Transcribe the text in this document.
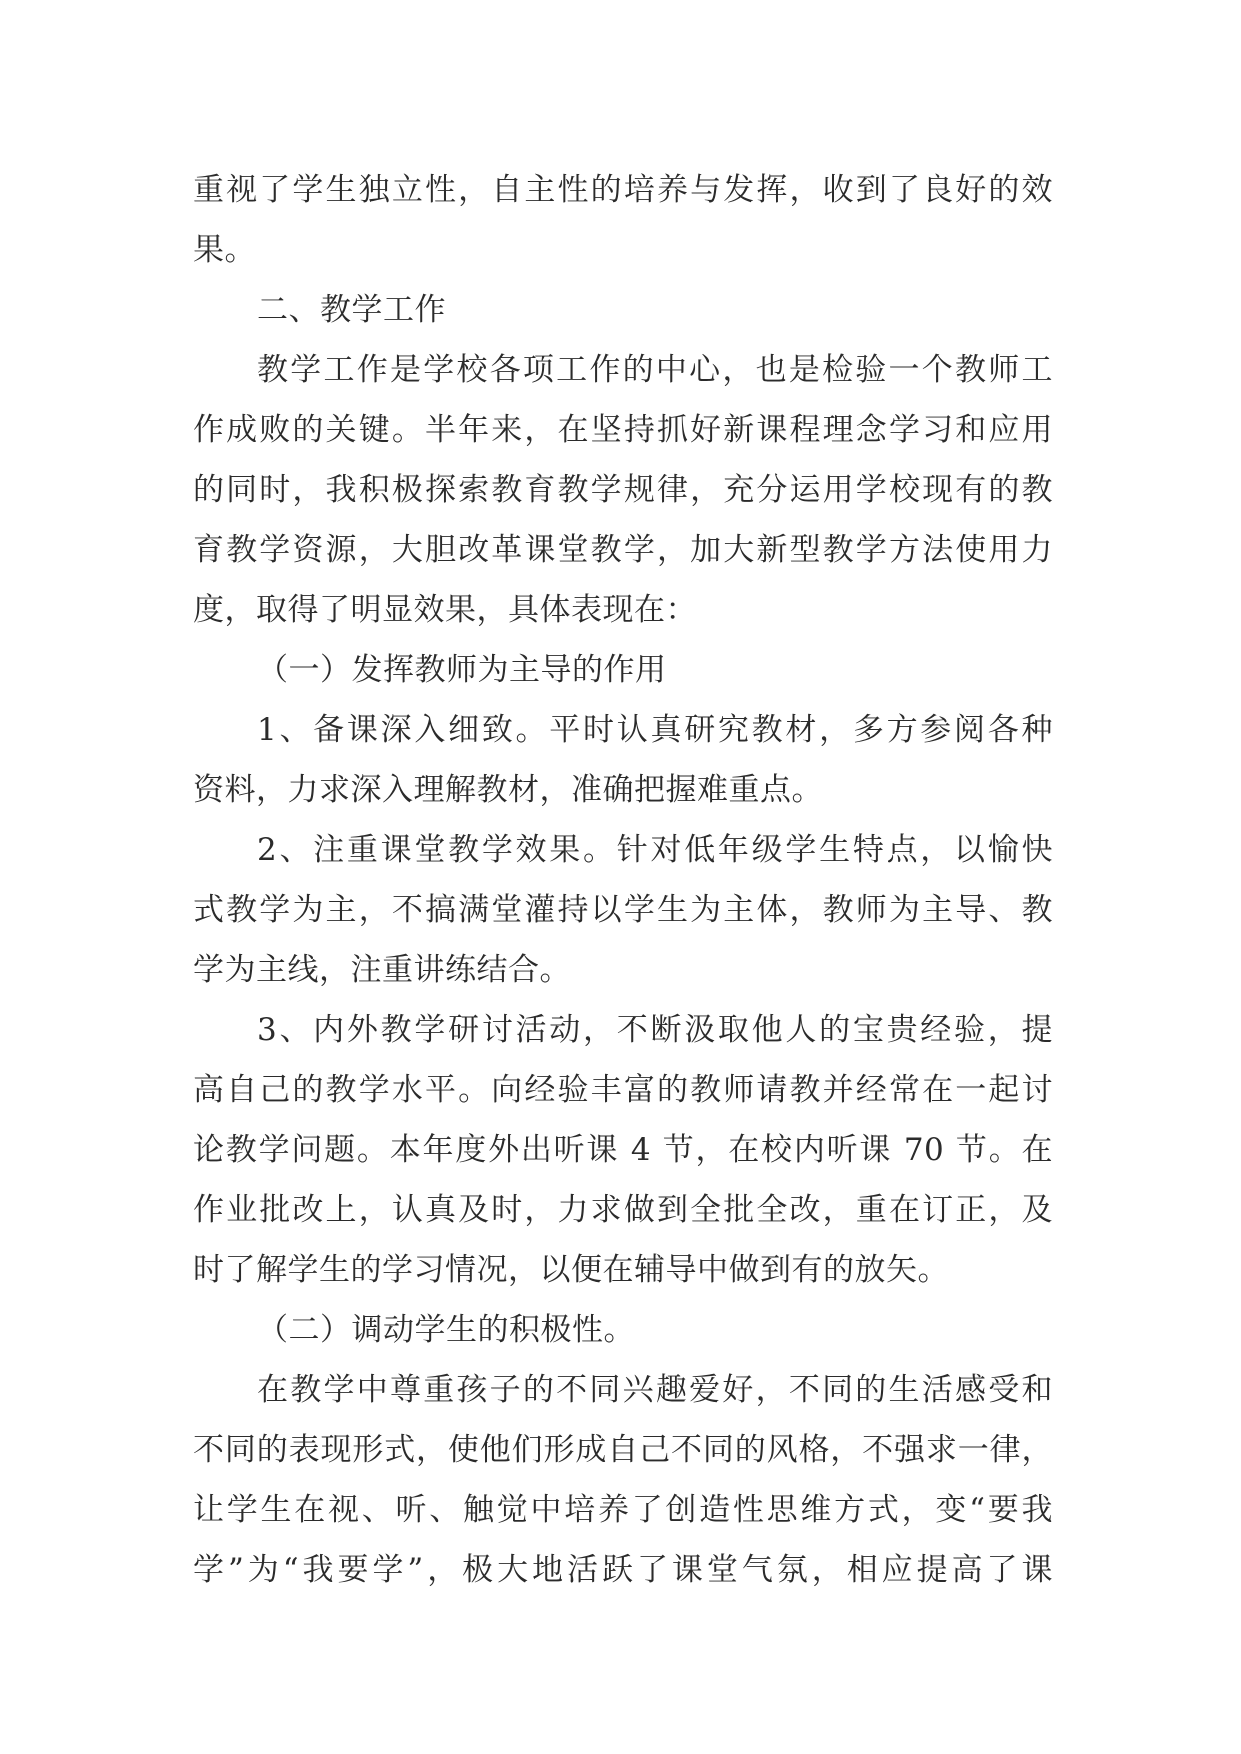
重视了学生独立性，自主性的培养与发挥，收到了良好的效
果。
二、教学工作
教学工作是学校各项工作的中心，也是检验一个教师工
作成败的关键。半年来，在坚持抓好新课程理念学习和应用
的同时，我积极探索教育教学规律，充分运用学校现有的教
育教学资源，大胆改革课堂教学，加大新型教学方法使用力
度，取得了明显效果，具体表现在：
（一）发挥教师为主导的作用
1、备课深入细致。平时认真研究教材，多方参阅各种
资料，力求深入理解教材，准确把握难重点。
2、注重课堂教学效果。针对低年级学生特点，以愉快
式教学为主，不搞满堂灌持以学生为主体，教师为主导、教
学为主线，注重讲练结合。
3、内外教学研讨活动，不断汲取他人的宝贵经验，提
高自己的教学水平。向经验丰富的教师请教并经常在一起讨
论教学问题。本年度外出听课 4 节，在校内听课 70 节。在
作业批改上，认真及时，力求做到全批全改，重在订正，及
时了解学生的学习情况，以便在辅导中做到有的放矢。
（二）调动学生的积极性。
在教学中尊重孩子的不同兴趣爱好，不同的生活感受和
不同的表现形式，使他们形成自己不同的风格，不强求一律，
让学生在视、听、触觉中培养了创造性思维方式，变“要我
学”为“我要学”，极大地活跃了课堂气氛，相应提高了课
